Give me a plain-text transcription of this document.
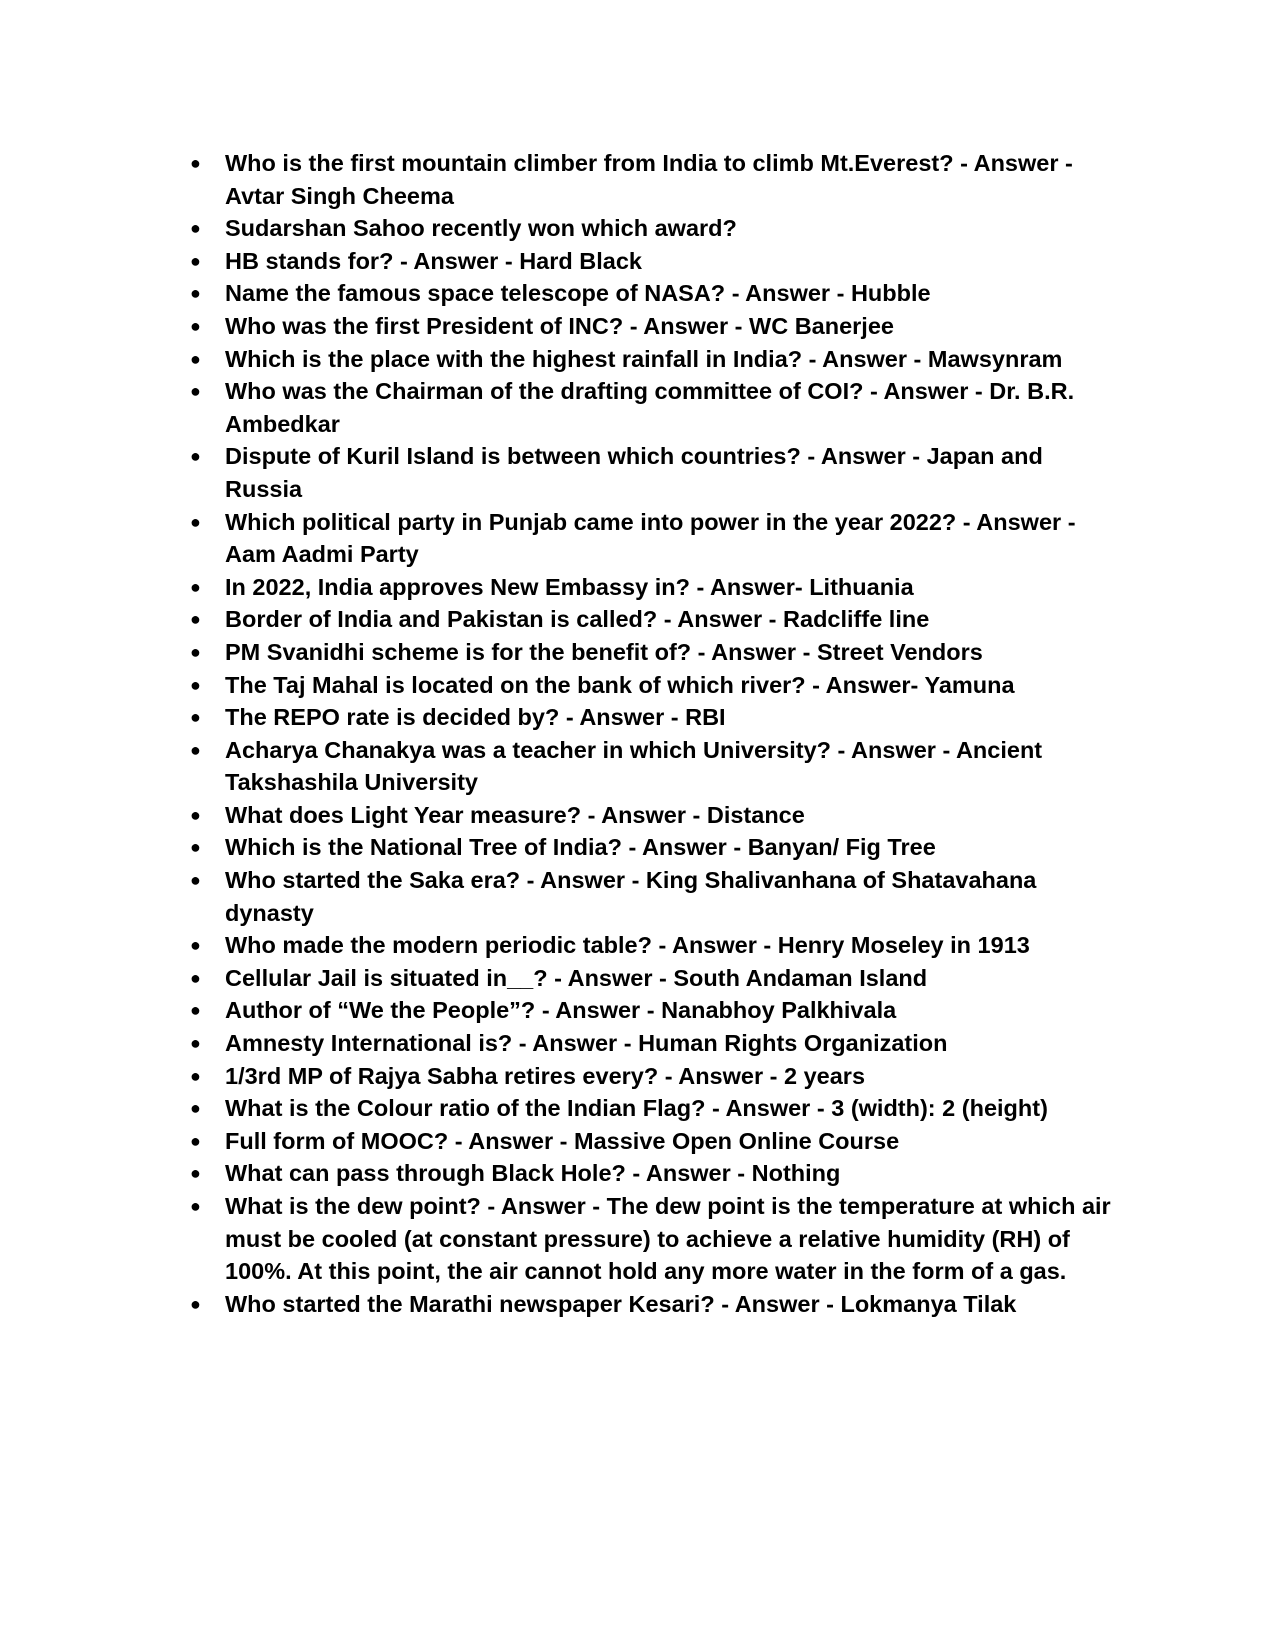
● Who is the first mountain climber from India to climb Mt.Everest? - Answer - Avtar Singh Cheema
● Sudarshan Sahoo recently won which award?
● HB stands for? - Answer - Hard Black
● Name the famous space telescope of NASA? - Answer - Hubble
● Who was the first President of INC? - Answer - WC Banerjee
● Which is the place with the highest rainfall in India? - Answer - Mawsynram
● Who was the Chairman of the drafting committee of COI? - Answer - Dr. B.R. Ambedkar
● Dispute of Kuril Island is between which countries? - Answer - Japan and Russia
● Which political party in Punjab came into power in the year 2022? - Answer - Aam Aadmi Party
● In 2022, India approves New Embassy in? - Answer- Lithuania
● Border of India and Pakistan is called? - Answer - Radcliffe line
● PM Svanidhi scheme is for the benefit of? - Answer - Street Vendors
● The Taj Mahal is located on the bank of which river? - Answer- Yamuna
● The REPO rate is decided by? - Answer - RBI
● Acharya Chanakya was a teacher in which University? - Answer - Ancient Takshashila University
● What does Light Year measure? - Answer - Distance
● Which is the National Tree of India? - Answer - Banyan/ Fig Tree
● Who started the Saka era? - Answer - King Shalivanhana of Shatavahana dynasty
● Who made the modern periodic table? - Answer - Henry Moseley in 1913
● Cellular Jail is situated in__? - Answer - South Andaman Island
● Author of “We the People”? - Answer - Nanabhoy Palkhivala
● Amnesty International is? - Answer - Human Rights Organization
● 1/3rd MP of Rajya Sabha retires every? - Answer - 2 years
● What is the Colour ratio of the Indian Flag? - Answer - 3 (width): 2 (height)
● Full form of MOOC? - Answer - Massive Open Online Course
● What can pass through Black Hole? - Answer - Nothing
● What is the dew point? - Answer - The dew point is the temperature at which air must be cooled (at constant pressure) to achieve a relative humidity (RH) of 100%. At this point, the air cannot hold any more water in the form of a gas.
● Who started the Marathi newspaper Kesari? - Answer - Lokmanya Tilak
